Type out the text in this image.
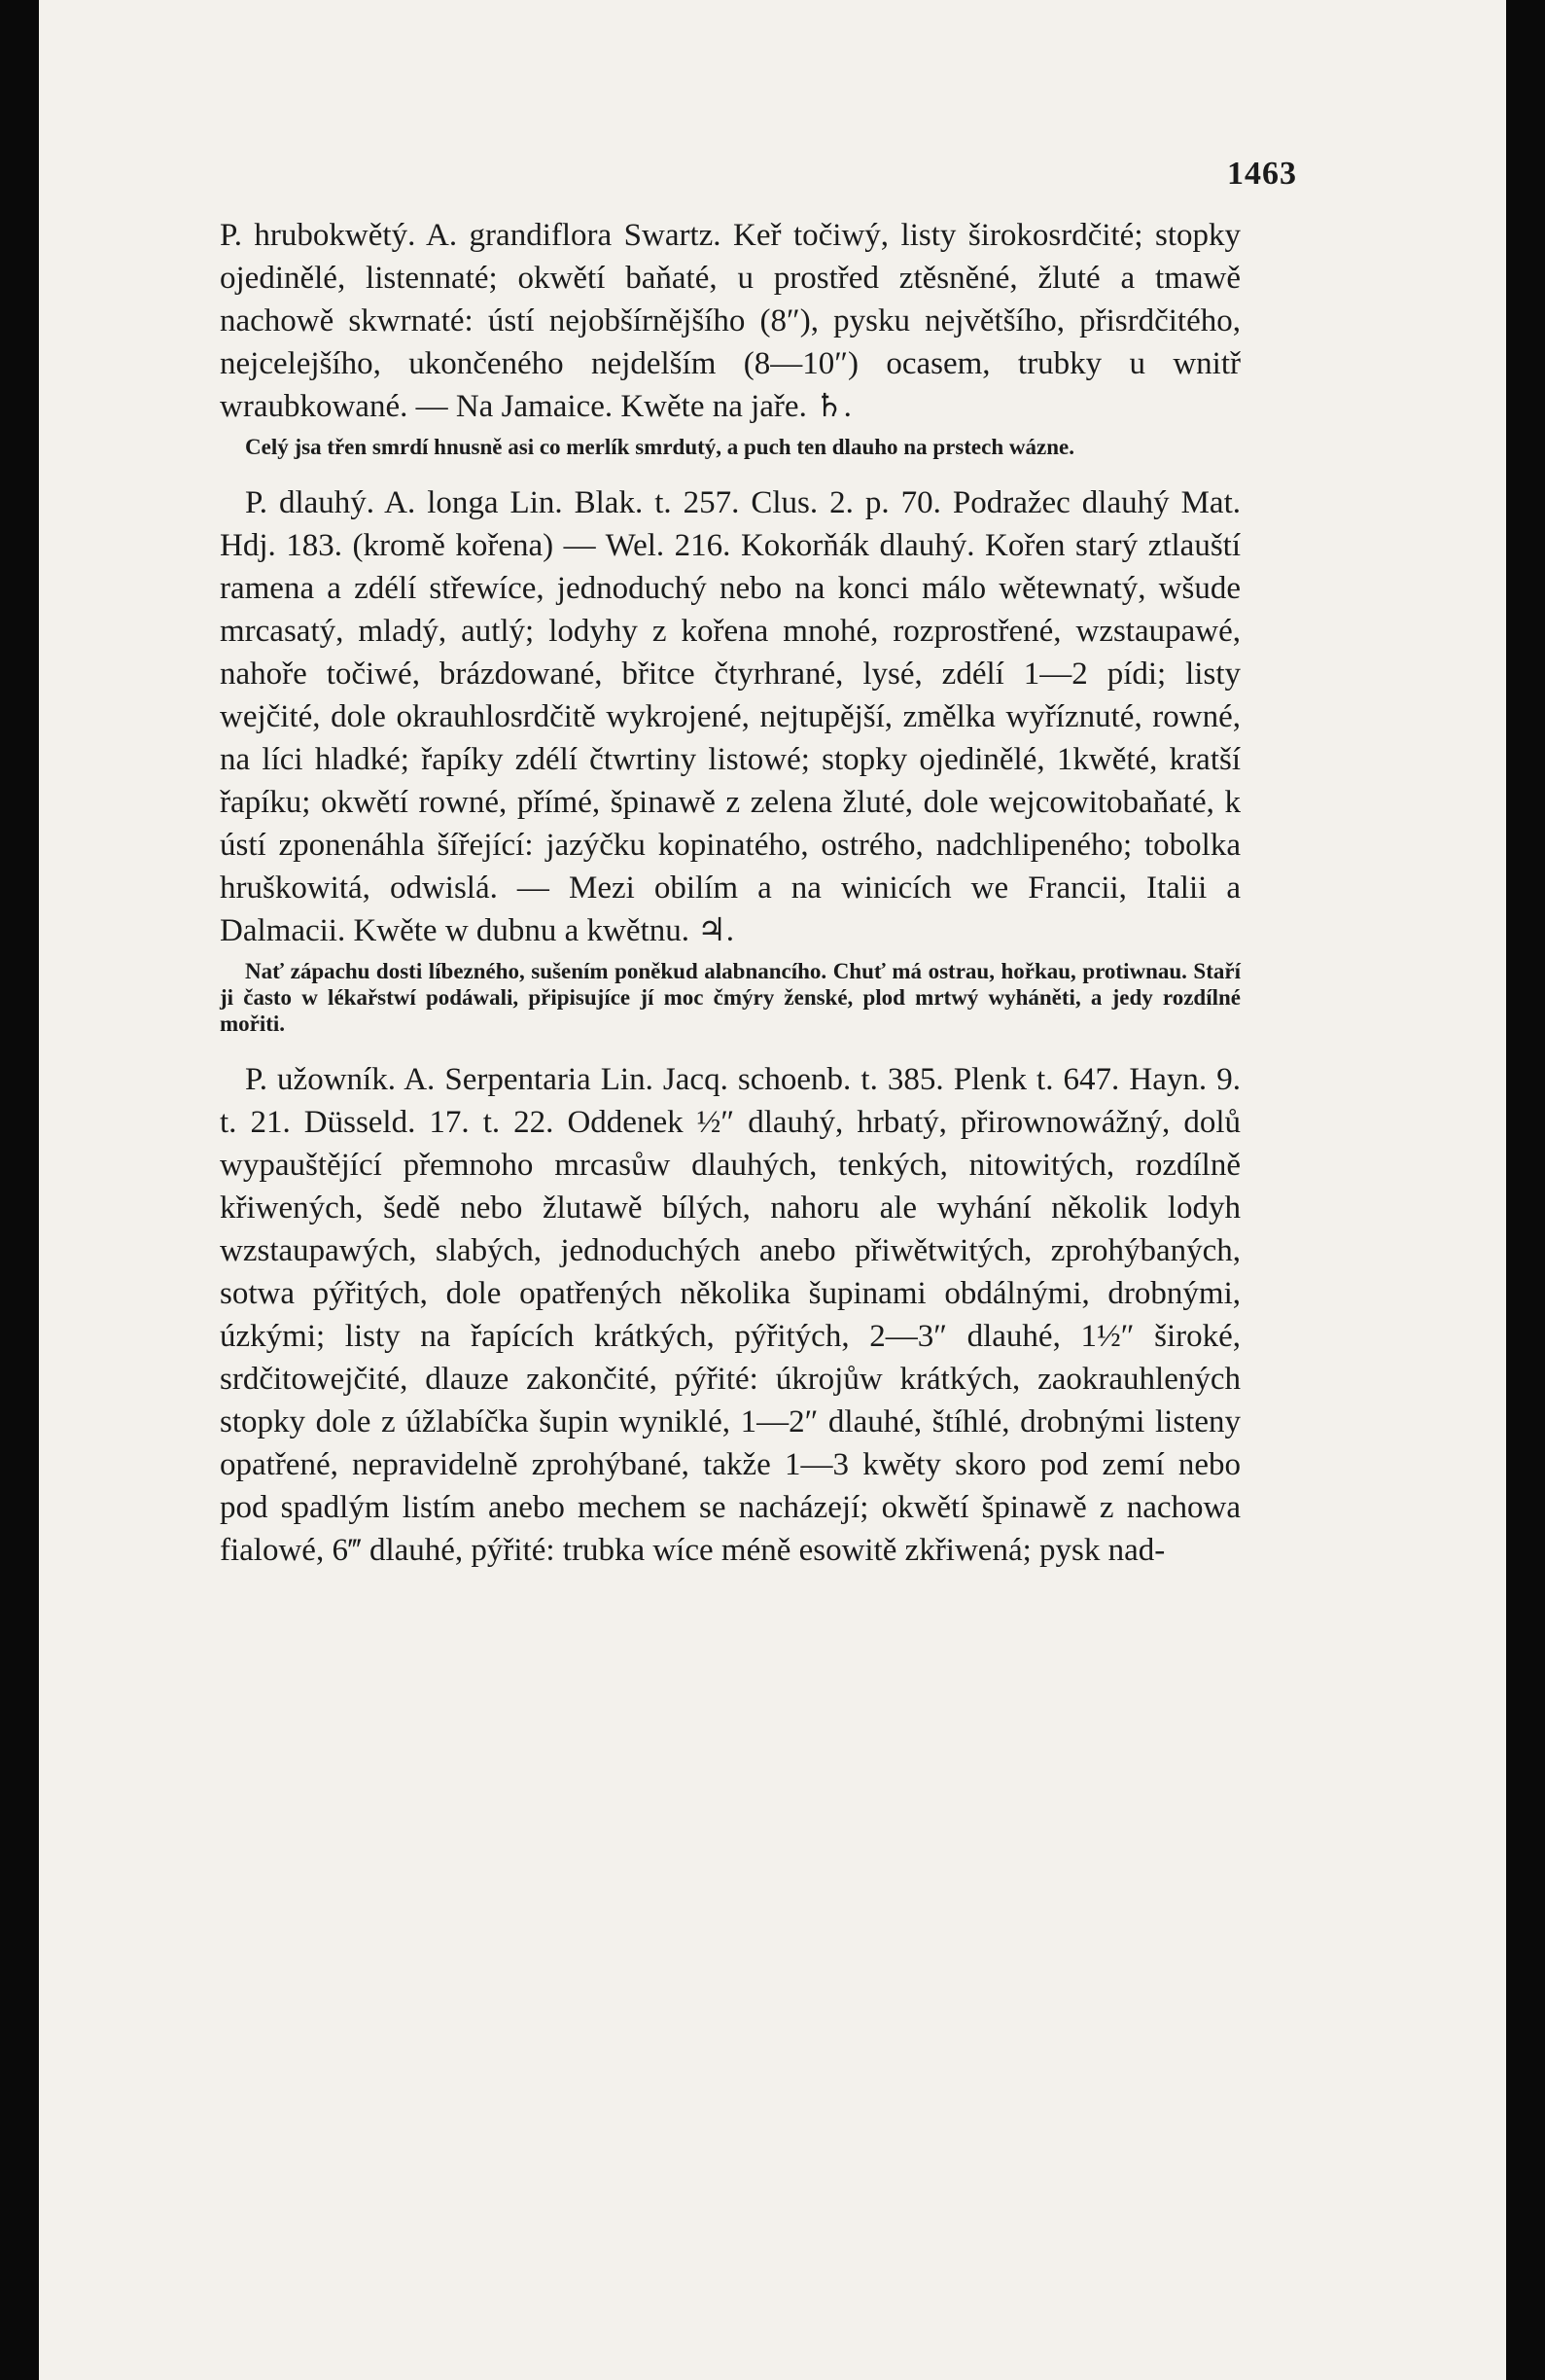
1463

P. hrubokwětý. A. grandiflora Swartz. Keř točiwý, listy širokosrdčité; stopky ojedinělé, listennaté; okwětí baňaté, u prostřed ztěsněné, žluté a tmawě nachowě skwrnaté: ústí nejobšírnějšího (8″), pysku největšího, přisrdčitého, nejcelejšího, ukončeného nejdelším (8—10″) ocasem, trubky u wnitř wraubkowané. — Na Jamaice. Kwěte na jaře. ♄.

Celý jsa třen smrdí hnusně asi co merlík smrdutý, a puch ten dlauho na prstech wázne.

P. dlauhý. A. longa Lin. Blak. t. 257. Clus. 2. p. 70. Podražec dlauhý Mat. Hdj. 183. (kromě kořena) — Wel. 216. Kokorňák dlauhý. Kořen starý ztlauští ramena a zdélí střewíce, jednoduchý nebo na konci málo wětewnatý, wšude mrcasatý, mladý, autlý; lodyhy z kořena mnohé, rozprostřené, wzstaupawé, nahoře točiwé, brázdowané, břitce čtyrhrané, lysé, zdélí 1—2 pídi; listy wejčité, dole okrauhlosrdčitě wykrojené, nejtupější, změlka wyříznuté, rowné, na líci hladké; řapíky zdélí čtwrtiny listowé; stopky ojedinělé, 1kwěté, kratší řapíku; okwětí rowné, přímé, špinawě z zelena žluté, dole wejcowitobaňaté, k ústí zponenáhla šířející: jazýčku kopinatého, ostrého, nadchlipeného; tobolka hruškowitá, odwislá. — Mezi obilím a na winicích we Francii, Italii a Dalmacii. Kwěte w dubnu a kwětnu. ♃.

Nať zápachu dosti líbezného, sušením poněkud alabnancího. Chuť má ostrau, hořkau, protiwnau. Staří ji často w lékařstwí podáwali, připisujíce jí moc čmýry ženské, plod mrtwý wyháněti, a jedy rozdílné mořiti.

P. užowník. A. Serpentaria Lin. Jacq. schoenb. t. 385. Plenk t. 647. Hayn. 9. t. 21. Düsseld. 17. t. 22. Oddenek ½″ dlauhý, hrbatý, přirownowážný, dolů wypauštějící přemnoho mrcasůw dlauhých, tenkých, nitowitých, rozdílně křiwených, šedě nebo žlutawě bílých, nahoru ale wyhání několik lodyh wzstaupawých, slabých, jednoduchých anebo přiwětwitých, zprohýbaných, sotwa pýřitých, dole opatřených několika šupinami obdálnými, drobnými, úzkými; listy na řapících krátkých, pýřitých, 2—3″ dlauhé, 1½″ široké, srdčitowejčité, dlauze zakončité, pýřité: úkrojůw krátkých, zaokrauhlených stopky dole z úžlabíčka šupin wyniklé, 1—2″ dlauhé, štíhlé, drobnými listeny opatřené, nepravidelně zprohýbané, takže 1—3 kwěty skoro pod zemí nebo pod spadlým listím anebo mechem se nacházejí; okwětí špinawě z nachowa fialowé, 6‴ dlauhé, pýřité: trubka wíce méně esowitě zkřiwená; pysk nad-
